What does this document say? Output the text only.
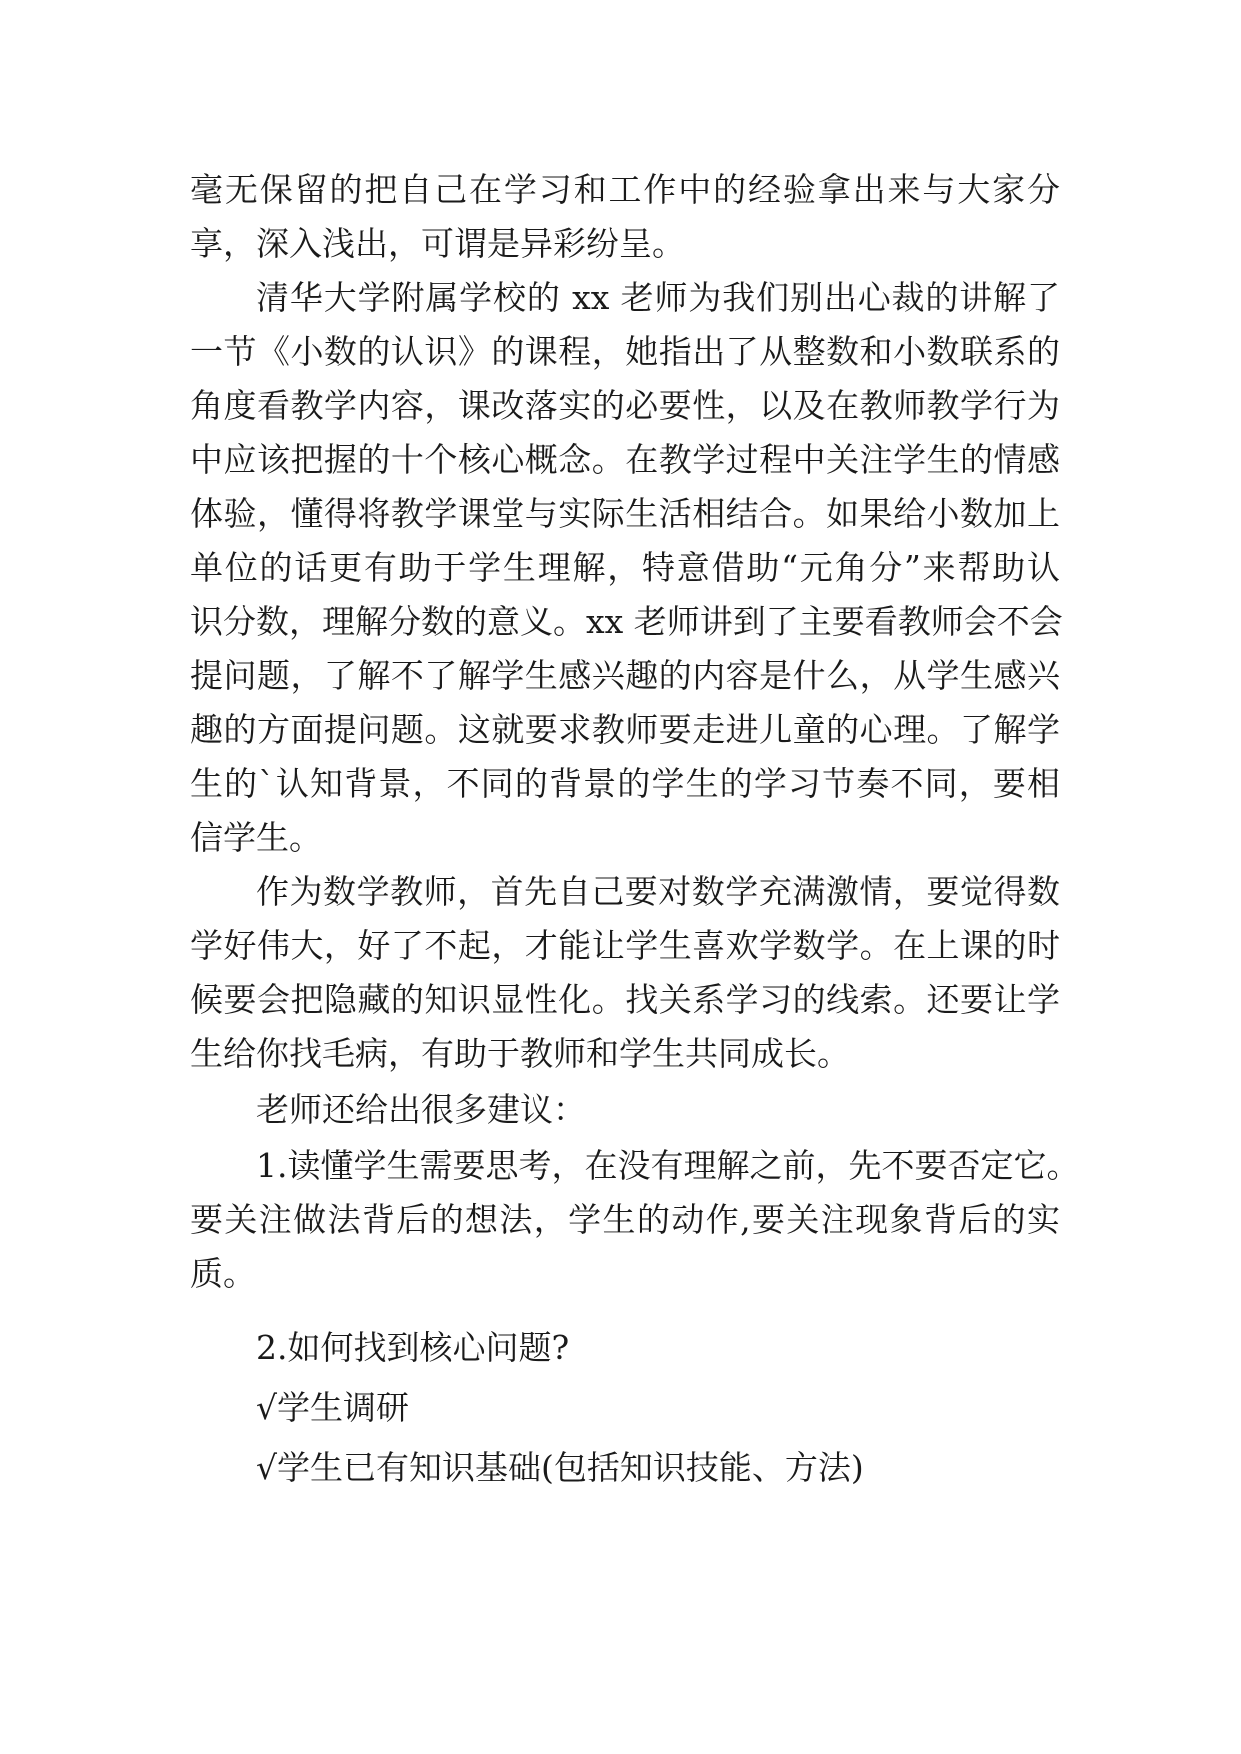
毫无保留的把自己在学习和工作中的经验拿出来与大家分
享，深入浅出，可谓是异彩纷呈。
清华大学附属学校的 xx 老师为我们别出心裁的讲解了
一节《小数的认识》的课程，她指出了从整数和小数联系的
角度看教学内容，课改落实的必要性，以及在教师教学行为
中应该把握的十个核心概念。在教学过程中关注学生的情感
体验，懂得将教学课堂与实际生活相结合。如果给小数加上
单位的话更有助于学生理解，特意借助“元角分”来帮助认
识分数，理解分数的意义。xx 老师讲到了主要看教师会不会
提问题，了解不了解学生感兴趣的内容是什么，从学生感兴
趣的方面提问题。这就要求教师要走进儿童的心理。了解学
生的`认知背景，不同的背景的学生的学习节奏不同，要相
信学生。
作为数学教师，首先自己要对数学充满激情，要觉得数
学好伟大，好了不起，才能让学生喜欢学数学。在上课的时
候要会把隐藏的知识显性化。找关系学习的线索。还要让学
生给你找毛病，有助于教师和学生共同成长。
老师还给出很多建议：
1.读懂学生需要思考，在没有理解之前，先不要否定它。
要关注做法背后的想法，学生的动作,要关注现象背后的实
质。
2.如何找到核心问题?
√学生调研
√学生已有知识基础(包括知识技能、方法)
